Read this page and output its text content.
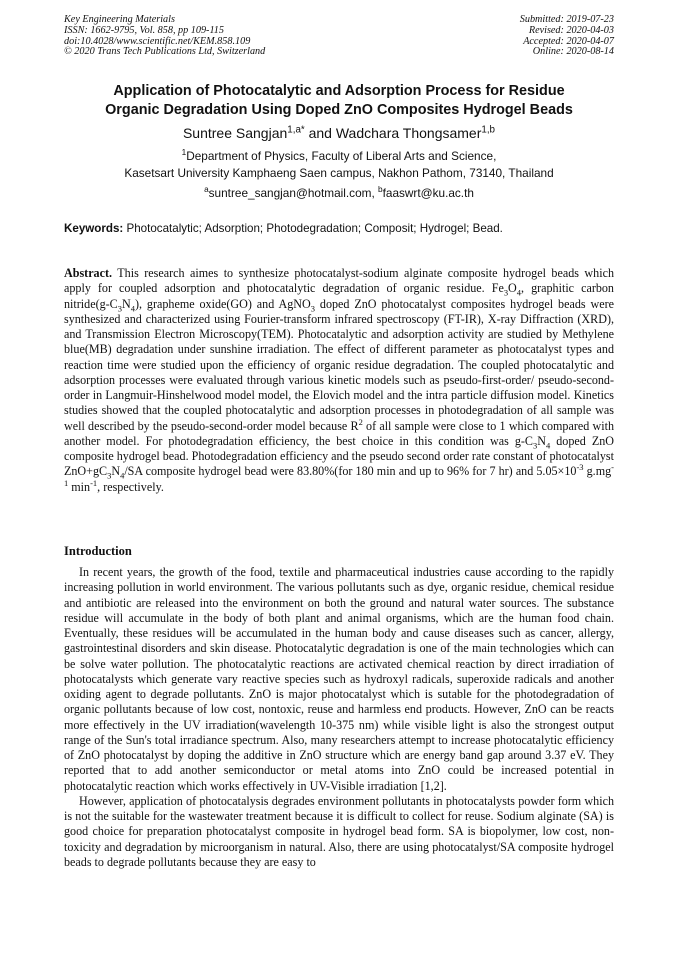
Key Engineering Materials
ISSN: 1662-9795, Vol. 858, pp 109-115
doi:10.4028/www.scientific.net/KEM.858.109
© 2020 Trans Tech Publications Ltd, Switzerland
Submitted: 2019-07-23
Revised: 2020-04-03
Accepted: 2020-04-07
Online: 2020-08-14
Application of Photocatalytic and Adsorption Process for Residue
Organic Degradation Using Doped ZnO Composites Hydrogel Beads
Suntree Sangjan$^{1,a*}$ and Wadchara Thongsamer$^{1,b}$
$^1$Department of Physics, Faculty of Liberal Arts and Science,
Kasetsart University Kamphaeng Saen campus, Nakhon Pathom, 73140, Thailand
$^a$suntree_sangjan@hotmail.com, $^b$faaswrt@ku.ac.th
Keywords: Photocatalytic; Adsorption; Photodegradation; Composit; Hydrogel; Bead.
Abstract. This research aimes to synthesize photocatalyst-sodium alginate composite hydrogel beads which apply for coupled adsorption and photocatalytic degradation of organic residue. $Fe_3O_4$, graphitic carbon $nitride(g-C_3N_4)$, grapheme oxide(GO) and AgNO$_3$ doped ZnO photocatalyst composites hydrogel beads were synthesized and characterized using Fourier-transform infrared spectroscopy (FT-IR), X-ray Diffraction (XRD), and Transmission Electron Microscopy(TEM). Photocatalytic and adsorption activity are studied by Methylene blue(MB) degradation under sunshine irradiation. The effect of different parameter as photocatalyst types and reaction time were studied upon the efficiency of organic residue degradation. The coupled photocatalytic and adsorption processes were evaluated through various kinetic models such as pseudo-first-order/ pseudo-second-order in Langmuir-Hinshelwood model model, the Elovich model and the intra particle diffusion model. Kinetics studies showed that the coupled photocatalytic and adsorption processes in photodegradation of all sample was well described by the pseudo-second-order model because $R^2$ of all sample were close to 1 which compared with another model. For photodegradation efficiency, the best choice in this condition was $g-C_3N_4$ doped ZnO composite hydrogel bead. Photodegradation efficiency and the pseudo second order rate constant of photocatalyst $ZnO+gC_3N_4/SA$ composite hydrogel bead were 83.80%(for 180 min and up to 96% for 7 hr) and $5.05\times 10^{-3}$ $g.mg^{-1}$ $\min^{-1}$, respectively.
Introduction

In recent years, the growth of the food, textile and pharmaceutical industries cause according to the rapidly increasing pollution in world environment. The various pollutants such as dye, organic residue, chemical residue and antibiotic are released into the environment on both the ground and natural water sources. The substance residue will accumulate in the body of both plant and animal organisms, which are the human food chain. Eventually, these residues will be accumulated in the human body and cause diseases such as cancer, allergy, gastrointestinal disorders and skin disease. Photocatalytic degradation is one of the main technologies which can be solve water pollution. The photocatalytic reactions are activated chemical reaction by direct irradiation of photocatalysts which generate vary reactive species such as hydroxyl radicals, superoxide radicals and another oxiding agent to degrade pollutants. ZnO is major photocatalyst which is sutable for the photodegradation of organic pollutants because of low cost, nontoxic, reuse and harmless end products. However, ZnO can be reacts more effectively in the UV irradiation(wavelength 10-375 nm) while visible light is also the strongest output range of the Sun's total irradiance spectrum. Also, many researchers attempt to increase photocatalytic efficiency of ZnO photocatalyst by doping the additive in ZnO structure which are energy band gap around 3.37 eV. They reported that to add another semiconductor or metal atoms into ZnO could be increased potential in photocatalytic reaction which works effectively in UV-Visible irradiation [1,2].

However, application of photocatalysis degrades environment pollutants in photocatalysts powder form which is not the suitable for the wastewater treatment because it is difficult to collect for reuse. Sodium alginate (SA) is good choice for preparation photocatalyst composite in hydrogel bead form. SA is biopolymer, low cost, non-toxicity and degradation by microorganism in natural. Also, there are using photocatalyst/SA composite hydrogel beads to degrade pollutants because they are easy to
